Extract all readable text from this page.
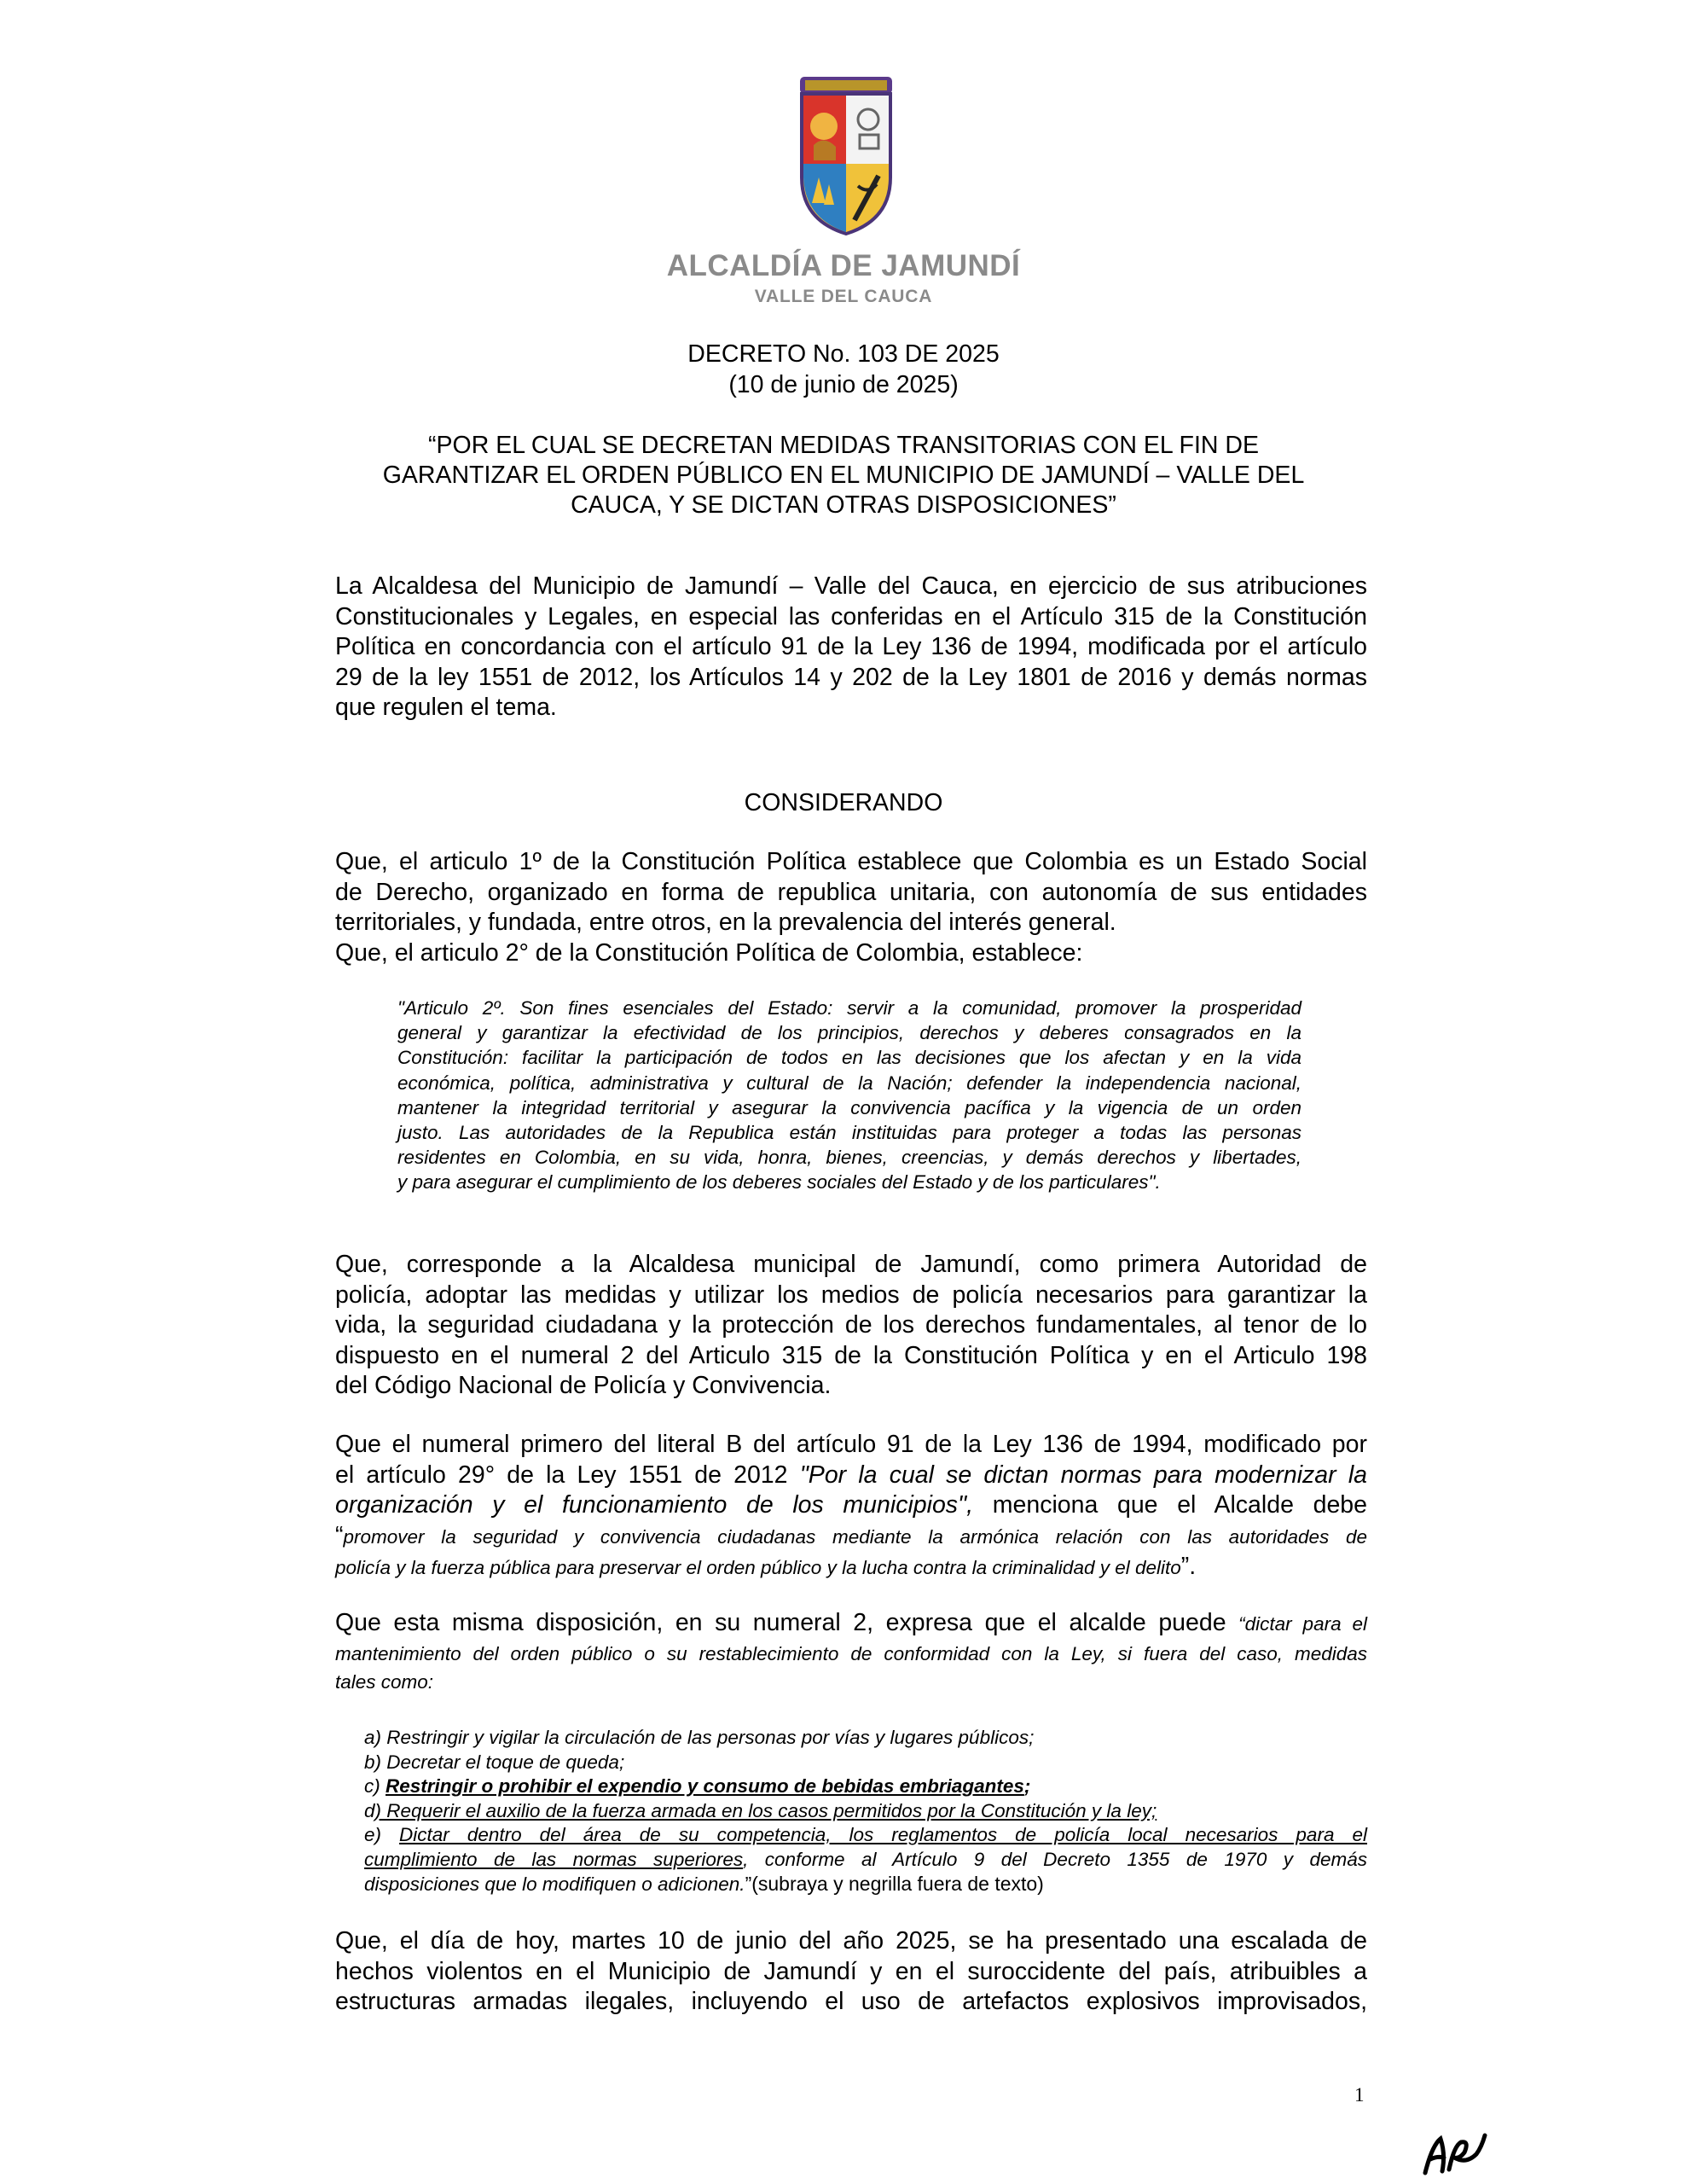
ALCALDÍA DE JAMUNDÍ
VALLE DEL CAUCA
DECRETO No. 103 DE 2025
(10 de junio de 2025)
“POR EL CUAL SE DECRETAN MEDIDAS TRANSITORIAS CON EL FIN DE
GARANTIZAR EL ORDEN PÚBLICO EN EL MUNICIPIO DE JAMUNDÍ – VALLE DEL
CAUCA, Y SE DICTAN OTRAS DISPOSICIONES”
La Alcaldesa del Municipio de Jamundí – Valle del Cauca, en ejercicio de sus atribuciones
Constitucionales y Legales, en especial las conferidas en el Artículo 315 de la Constitución
Política en concordancia con el artículo 91 de la Ley 136 de 1994, modificada por el artículo
29 de la ley 1551 de 2012, los Artículos 14 y 202 de la Ley 1801 de 2016 y demás normas
que regulen el tema.
CONSIDERANDO
Que, el articulo 1º de la Constitución Política establece que Colombia es un Estado Social
de Derecho, organizado en forma de republica unitaria, con autonomía de sus entidades
territoriales, y fundada, entre otros, en la prevalencia del interés general.
Que, el articulo 2° de la Constitución Política de Colombia, establece:
"Articulo 2º. Son fines esenciales del Estado: servir a la comunidad, promover la prosperidad
general y garantizar la efectividad de los principios, derechos y deberes consagrados en la
Constitución: facilitar la participación de todos en las decisiones que los afectan y en la vida
económica, política, administrativa y cultural de la Nación; defender la independencia nacional,
mantener la integridad territorial y asegurar la convivencia pacífica y la vigencia de un orden
justo. Las autoridades de la Republica están instituidas para proteger a todas las personas
residentes en Colombia, en su vida, honra, bienes, creencias, y demás derechos y libertades,
y para asegurar el cumplimiento de los deberes sociales del Estado y de los particulares".
Que, corresponde a la Alcaldesa municipal de Jamundí, como primera Autoridad de
policía, adoptar las medidas y utilizar los medios de policía necesarios para garantizar la
vida, la seguridad ciudadana y la protección de los derechos fundamentales, al tenor de lo
dispuesto en el numeral 2 del Articulo 315 de la Constitución Política y en el Articulo 198
del Código Nacional de Policía y Convivencia.
Que el numeral primero del literal B del artículo 91 de la Ley 136 de 1994, modificado por
el artículo 29° de la Ley 1551 de 2012 "Por la cual se dictan normas para modernizar la
organización y el funcionamiento de los municipios", menciona que el Alcalde debe
“promover la seguridad y convivencia ciudadanas mediante la armónica relación con las autoridades de
policía y la fuerza pública para preservar el orden público y la lucha contra la criminalidad y el delito”.
Que esta misma disposición, en su numeral 2, expresa que el alcalde puede “dictar para el
mantenimiento del orden público o su restablecimiento de conformidad con la Ley, si fuera del caso, medidas
tales como:
a) Restringir y vigilar la circulación de las personas por vías y lugares públicos;
b) Decretar el toque de queda;
c) Restringir o prohibir el expendio y consumo de bebidas embriagantes;
d) Requerir el auxilio de la fuerza armada en los casos permitidos por la Constitución y la ley;
e) Dictar dentro del área de su competencia, los reglamentos de policía local necesarios para el
cumplimiento de las normas superiores, conforme al Artículo 9 del Decreto 1355 de 1970 y demás
disposiciones que lo modifiquen o adicionen.”(subraya y negrilla fuera de texto)
Que, el día de hoy, martes 10 de junio del año 2025, se ha presentado una escalada de
hechos violentos en el Municipio de Jamundí y en el suroccidente del país, atribuibles a
estructuras armadas ilegales, incluyendo el uso de artefactos explosivos improvisados,
1
